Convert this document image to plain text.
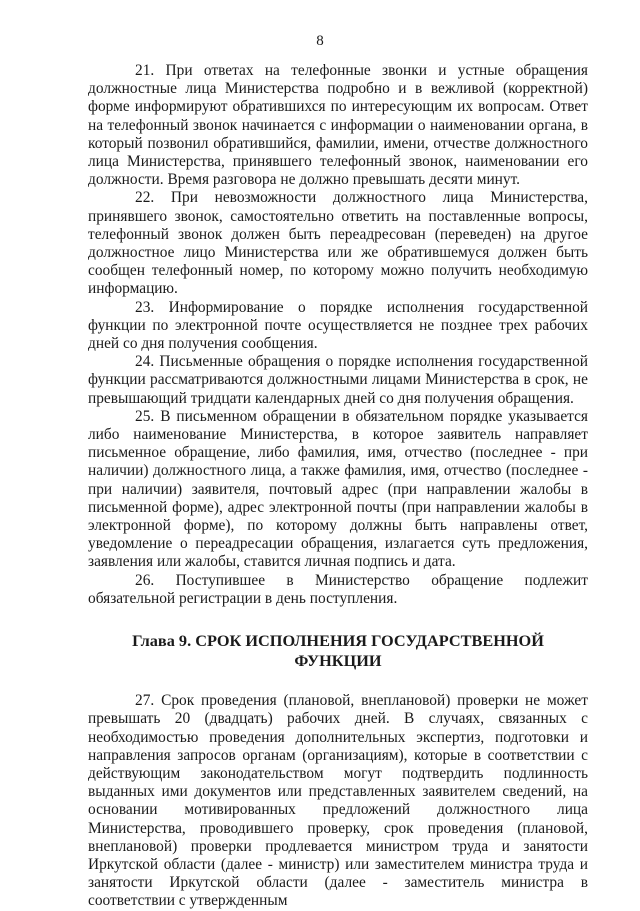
8

21. При ответах на телефонные звонки и устные обращения должностные лица Министерства подробно и в вежливой (корректной) форме информируют обратившихся по интересующим их вопросам. Ответ на телефонный звонок начинается с информации о наименовании органа, в который позвонил обратившийся, фамилии, имени, отчестве должностного лица Министерства, принявшего телефонный звонок, наименовании его должности. Время разговора не должно превышать десяти минут.

22. При невозможности должностного лица Министерства, принявшего звонок, самостоятельно ответить на поставленные вопросы, телефонный звонок должен быть переадресован (переведен) на другое должностное лицо Министерства или же обратившемуся должен быть сообщен телефонный номер, по которому можно получить необходимую информацию.

23. Информирование о порядке исполнения государственной функции по электронной почте осуществляется не позднее трех рабочих дней со дня получения сообщения.

24. Письменные обращения о порядке исполнения государственной функции рассматриваются должностными лицами Министерства в срок, не превышающий тридцати календарных дней со дня получения обращения.

25. В письменном обращении в обязательном порядке указывается либо наименование Министерства, в которое заявитель направляет письменное обращение, либо фамилия, имя, отчество (последнее - при наличии) должностного лица, а также фамилия, имя, отчество (последнее - при наличии) заявителя, почтовый адрес (при направлении жалобы в письменной форме), адрес электронной почты (при направлении жалобы в электронной форме), по которому должны быть направлены ответ, уведомление о переадресации обращения, излагается суть предложения, заявления или жалобы, ставится личная подпись и дата.

26. Поступившее в Министерство обращение подлежит обязательной регистрации в день поступления.

Глава 9. СРОК ИСПОЛНЕНИЯ ГОСУДАРСТВЕННОЙ ФУНКЦИИ

27. Срок проведения (плановой, внеплановой) проверки не может превышать 20 (двадцать) рабочих дней. В случаях, связанных с необходимостью проведения дополнительных экспертиз, подготовки и направления запросов органам (организациям), которые в соответствии с действующим законодательством могут подтвердить подлинность выданных ими документов или представленных заявителем сведений, на основании мотивированных предложений должностного лица Министерства, проводившего проверку, срок проведения (плановой, внеплановой) проверки продлевается министром труда и занятости Иркутской области (далее - министр) или заместителем министра труда и занятости Иркутской области (далее - заместитель министра в соответствии с утвержденным
